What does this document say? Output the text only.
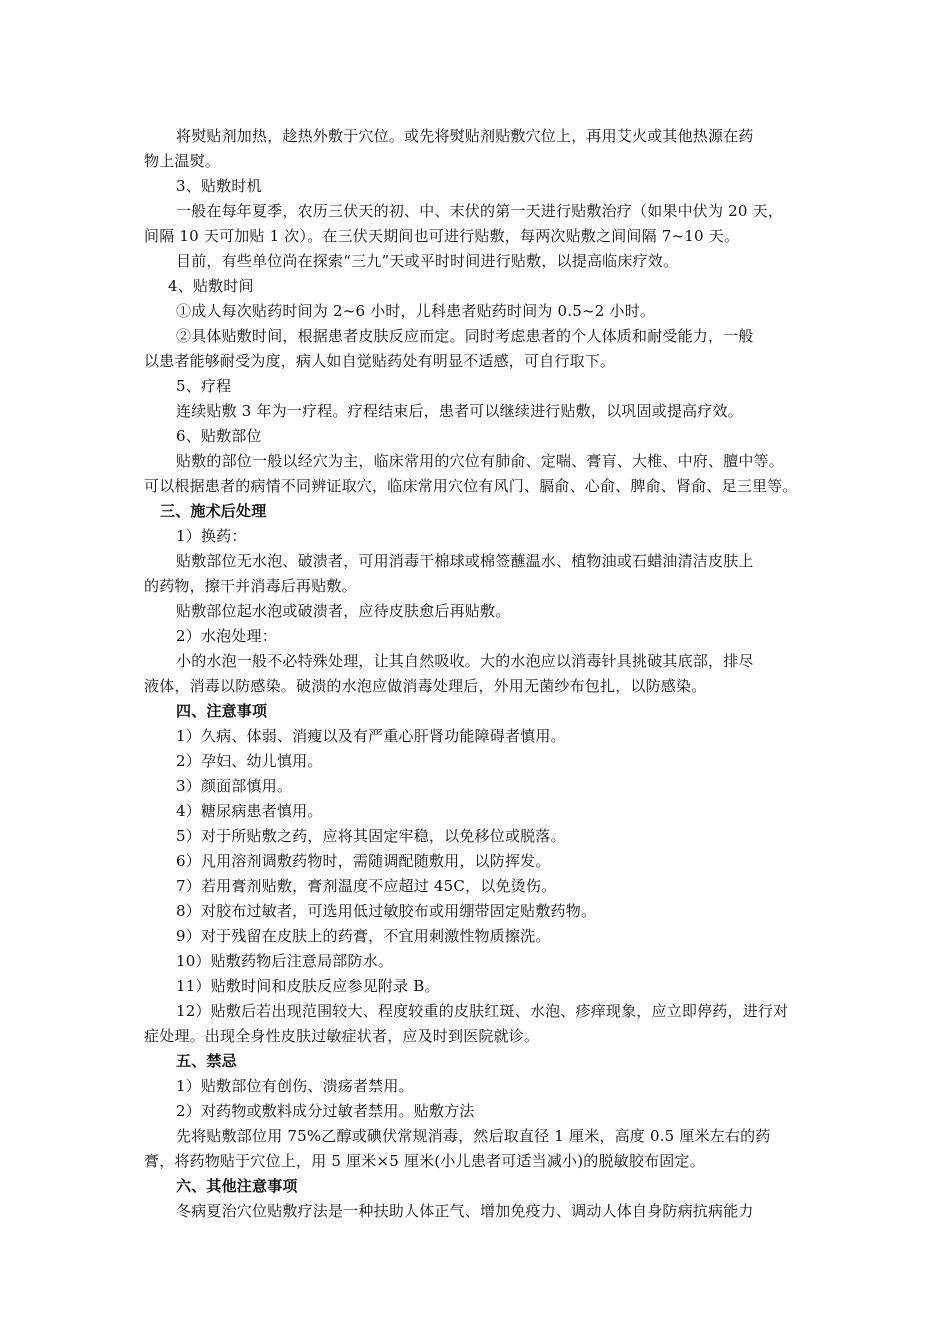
将熨贴剂加热，趁热外敷于穴位。或先将熨贴剂贴敷穴位上，再用艾火或其他热源在药
物上温熨。
3、贴敷时机
一般在每年夏季，农历三伏天的初、中、末伏的第一天进行贴敷治疗（如果中伏为 20 天，
间隔 10 天可加贴 1 次）。在三伏天期间也可进行贴敷，每两次贴敷之间间隔 7~10 天。
目前，有些单位尚在探索“三九”天或平时时间进行贴敷，以提高临床疗效。
4、贴敷时间
①成人每次贴药时间为 2~6 小时，儿科患者贴药时间为 0.5~2 小时。
②具体贴敷时间，根据患者皮肤反应而定。同时考虑患者的个人体质和耐受能力，一般
以患者能够耐受为度，病人如自觉贴药处有明显不适感，可自行取下。
5、疗程
连续贴敷 3 年为一疗程。疗程结束后，患者可以继续进行贴敷，以巩固或提高疗效。
6、贴敷部位
贴敷的部位一般以经穴为主，临床常用的穴位有肺俞、定喘、膏肓、大椎、中府、膻中等。
可以根据患者的病情不同辨证取穴，临床常用穴位有风门、膈俞、心俞、脾俞、肾俞、足三里等。
三、施术后处理
1）换药：
贴敷部位无水泡、破溃者，可用消毒干棉球或棉签蘸温水、植物油或石蜡油清洁皮肤上
的药物，擦干并消毒后再贴敷。
贴敷部位起水泡或破溃者，应待皮肤愈后再贴敷。
2）水泡处理：
小的水泡一般不必特殊处理，让其自然吸收。大的水泡应以消毒针具挑破其底部，排尽
液体，消毒以防感染。破溃的水泡应做消毒处理后，外用无菌纱布包扎，以防感染。
四、注意事项
1）久病、体弱、消瘦以及有严重心肝肾功能障碍者慎用。
2）孕妇、幼儿慎用。
3）颜面部慎用。
4）糖尿病患者慎用。
5）对于所贴敷之药，应将其固定牢稳，以免移位或脱落。
6）凡用溶剂调敷药物时，需随调配随敷用，以防挥发。
7）若用膏剂贴敷，膏剂温度不应超过 45C，以免烫伤。
8）对胶布过敏者，可选用低过敏胶布或用绷带固定贴敷药物。
9）对于残留在皮肤上的药膏，不宜用刺激性物质擦洗。
10）贴敷药物后注意局部防水。
11）贴敷时间和皮肤反应参见附录 B。
12）贴敷后若出现范围较大、程度较重的皮肤红斑、水泡、疹痒现象，应立即停药，进行对
症处理。出现全身性皮肤过敏症状者，应及时到医院就诊。
五、禁忌
1）贴敷部位有创伤、溃疡者禁用。
2）对药物或敷料成分过敏者禁用。贴敷方法
先将贴敷部位用 75%乙醇或碘伏常规消毒，然后取直径 1 厘米，高度 0.5 厘米左右的药
膏，将药物贴于穴位上，用 5 厘米×5 厘米(小儿患者可适当减小)的脱敏胶布固定。
六、其他注意事项
冬病夏治穴位贴敷疗法是一种扶助人体正气、增加免疫力、调动人体自身防病抗病能力
